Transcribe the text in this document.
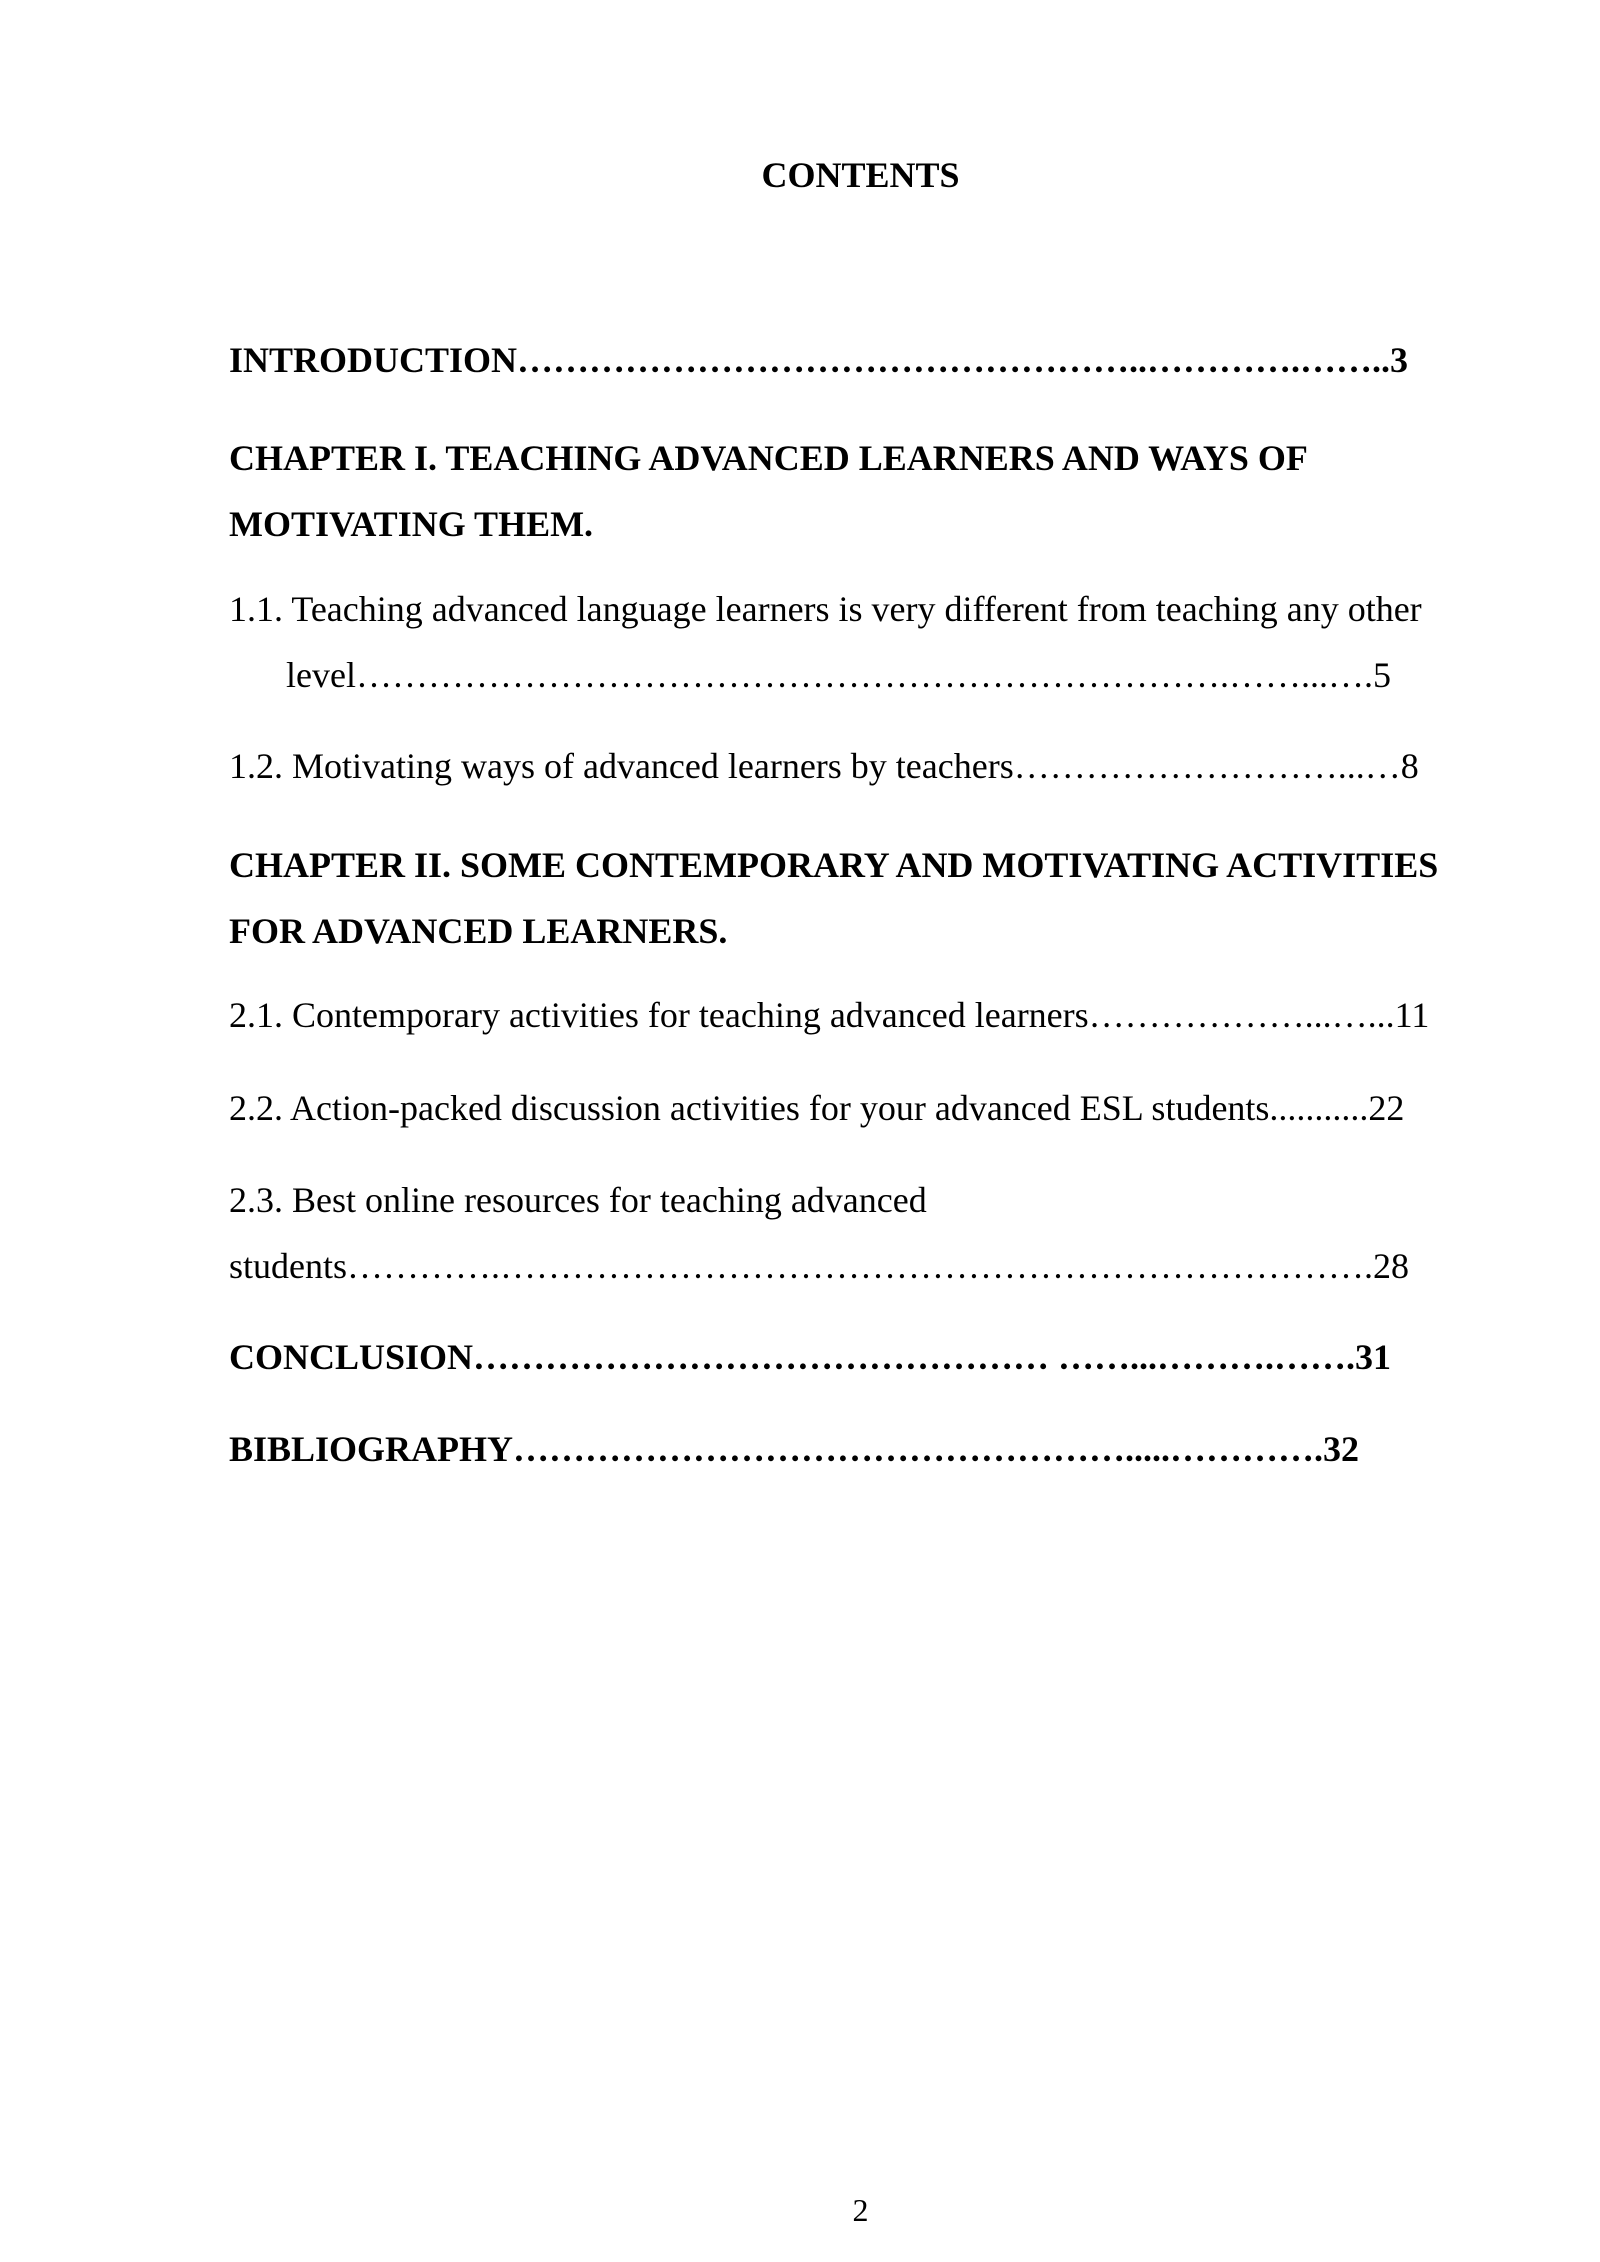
CONTENTS
INTRODUCTION……………………………………………..………….……..3
CHAPTER I. TEACHING ADVANCED LEARNERS AND WAYS OF MOTIVATING THEM.
1.1. Teaching advanced language learners is very different from teaching any other
level……………………………………………………………….……...….5
1.2. Motivating ways of advanced learners by teachers………………………...…8
CHAPTER II. SOME CONTEMPORARY AND MOTIVATING ACTIVITIES FOR ADVANCED LEARNERS.
2.1. Contemporary activities for teaching advanced learners………………...…...11
2.2. Action-packed discussion activities for your advanced ESL students...........22
2.3. Best online resources for teaching advanced
students………….……………………………………………………………….28
CONCLUSION………………………………………… ……...……….…….31
BIBLIOGRAPHY…………………………………………….....………….32
2
